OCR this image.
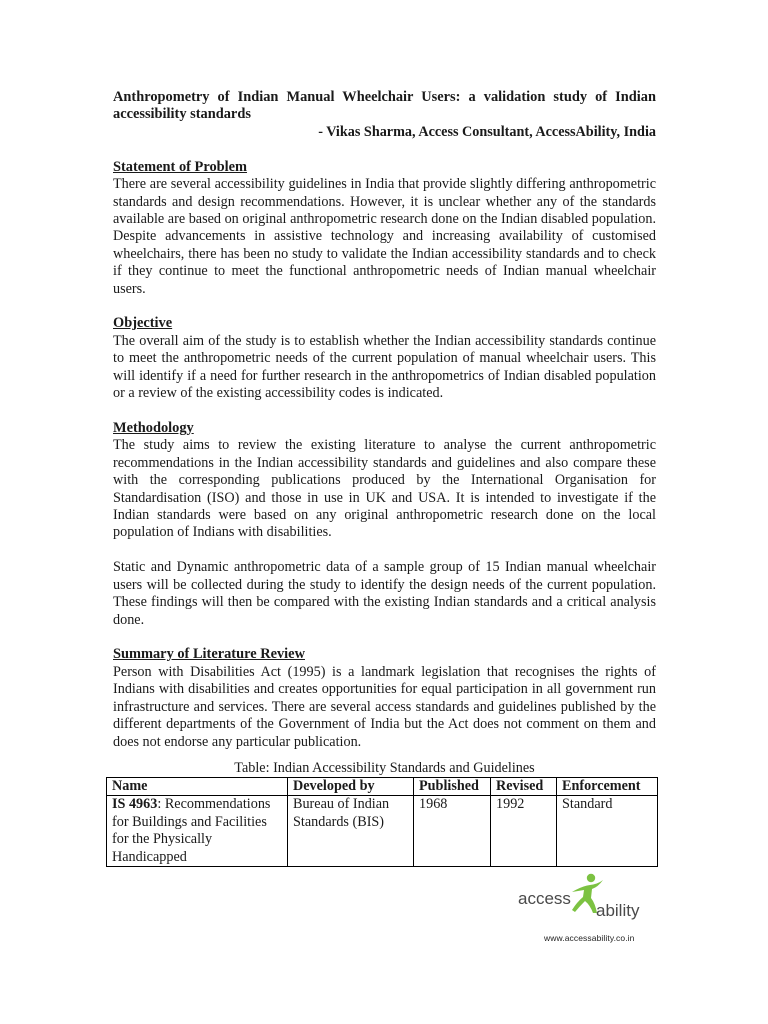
Anthropometry of Indian Manual Wheelchair Users: a validation study of Indian accessibility standards

- Vikas Sharma, Access Consultant, AccessAbility, India

Statement of Problem

There are several accessibility guidelines in India that provide slightly differing anthropometric standards and design recommendations. However, it is unclear whether any of the standards available are based on original anthropometric research done on the Indian disabled population. Despite advancements in assistive technology and increasing availability of customised wheelchairs, there has been no study to validate the Indian accessibility standards and to check if they continue to meet the functional anthropometric needs of Indian manual wheelchair users.

Objective

The overall aim of the study is to establish whether the Indian accessibility standards continue to meet the anthropometric needs of the current population of manual wheelchair users. This will identify if a need for further research in the anthropometrics of Indian disabled population or a review of the existing accessibility codes is indicated.

Methodology

The study aims to review the existing literature to analyse the current anthropometric recommendations in the Indian accessibility standards and guidelines and also compare these with the corresponding publications produced by the International Organisation for Standardisation (ISO) and those in use in UK and USA. It is intended to investigate if the Indian standards were based on any original anthropometric research done on the local population of Indians with disabilities.

Static and Dynamic anthropometric data of a sample group of 15 Indian manual wheelchair users will be collected during the study to identify the design needs of the current population. These findings will then be compared with the existing Indian standards and a critical analysis done.

Summary of Literature Review

Person with Disabilities Act (1995) is a landmark legislation that recognises the rights of Indians with disabilities and creates opportunities for equal participation in all government run infrastructure and services. There are several access standards and guidelines published by the different departments of the Government of India but the Act does not comment on them and does not endorse any particular publication.

Table: Indian Accessibility Standards and Guidelines
Name	Developed by	Published	Revised	Enforcement
IS 4963: Recommendations for Buildings and Facilities for the Physically Handicapped	Bureau of Indian Standards (BIS)	1968	1992	Standard
access
ability
www.accessability.co.in
